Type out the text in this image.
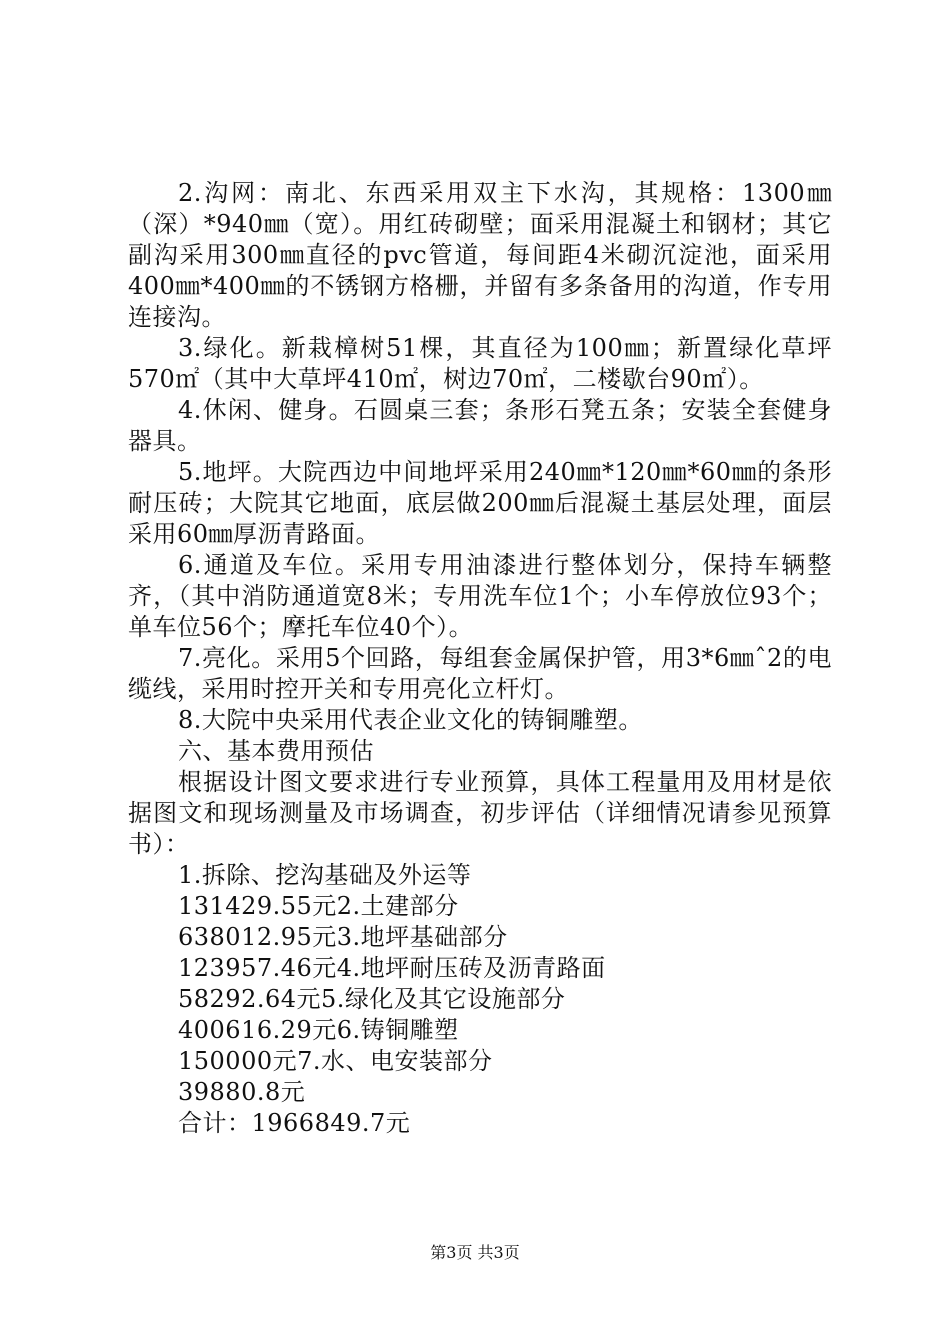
2.沟网：南北、东西采用双主下水沟，其规格：1300㎜（深）*940㎜（宽）。用红砖砌壁；面采用混凝土和钢材；其它副沟采用300㎜直径的pvc管道，每间距4米砌沉淀池，面采用400㎜*400㎜的不锈钢方格栅，并留有多条备用的沟道，作专用连接沟。

3.绿化。新栽樟树51棵，其直径为100㎜；新置绿化草坪570㎡（其中大草坪410㎡，树边70㎡，二楼歇台90㎡）。

4.休闲、健身。石圆桌三套；条形石凳五条；安装全套健身器具。

5.地坪。大院西边中间地坪采用240㎜*120㎜*60㎜的条形耐压砖；大院其它地面，底层做200㎜后混凝土基层处理，面层采用60㎜厚沥青路面。

6.通道及车位。采用专用油漆进行整体划分，保持车辆整齐，（其中消防通道宽8米；专用洗车位1个；小车停放位93个；单车位56个；摩托车位40个）。

7.亮化。采用5个回路，每组套金属保护管，用3*6㎜ˆ2的电缆线，采用时控开关和专用亮化立杆灯。

8.大院中央采用代表企业文化的铸铜雕塑。

六、基本费用预估

根据设计图文要求进行专业预算，具体工程量用及用材是依据图文和现场测量及市场调查，初步评估（详细情况请参见预算书）：

1.拆除、挖沟基础及外运等

131429.55元2.土建部分

638012.95元3.地坪基础部分

123957.46元4.地坪耐压砖及沥青路面

58292.64元5.绿化及其它设施部分

400616.29元6.铸铜雕塑

150000元7.水、电安装部分

39880.8元

合计：1966849.7元

第3页 共3页
